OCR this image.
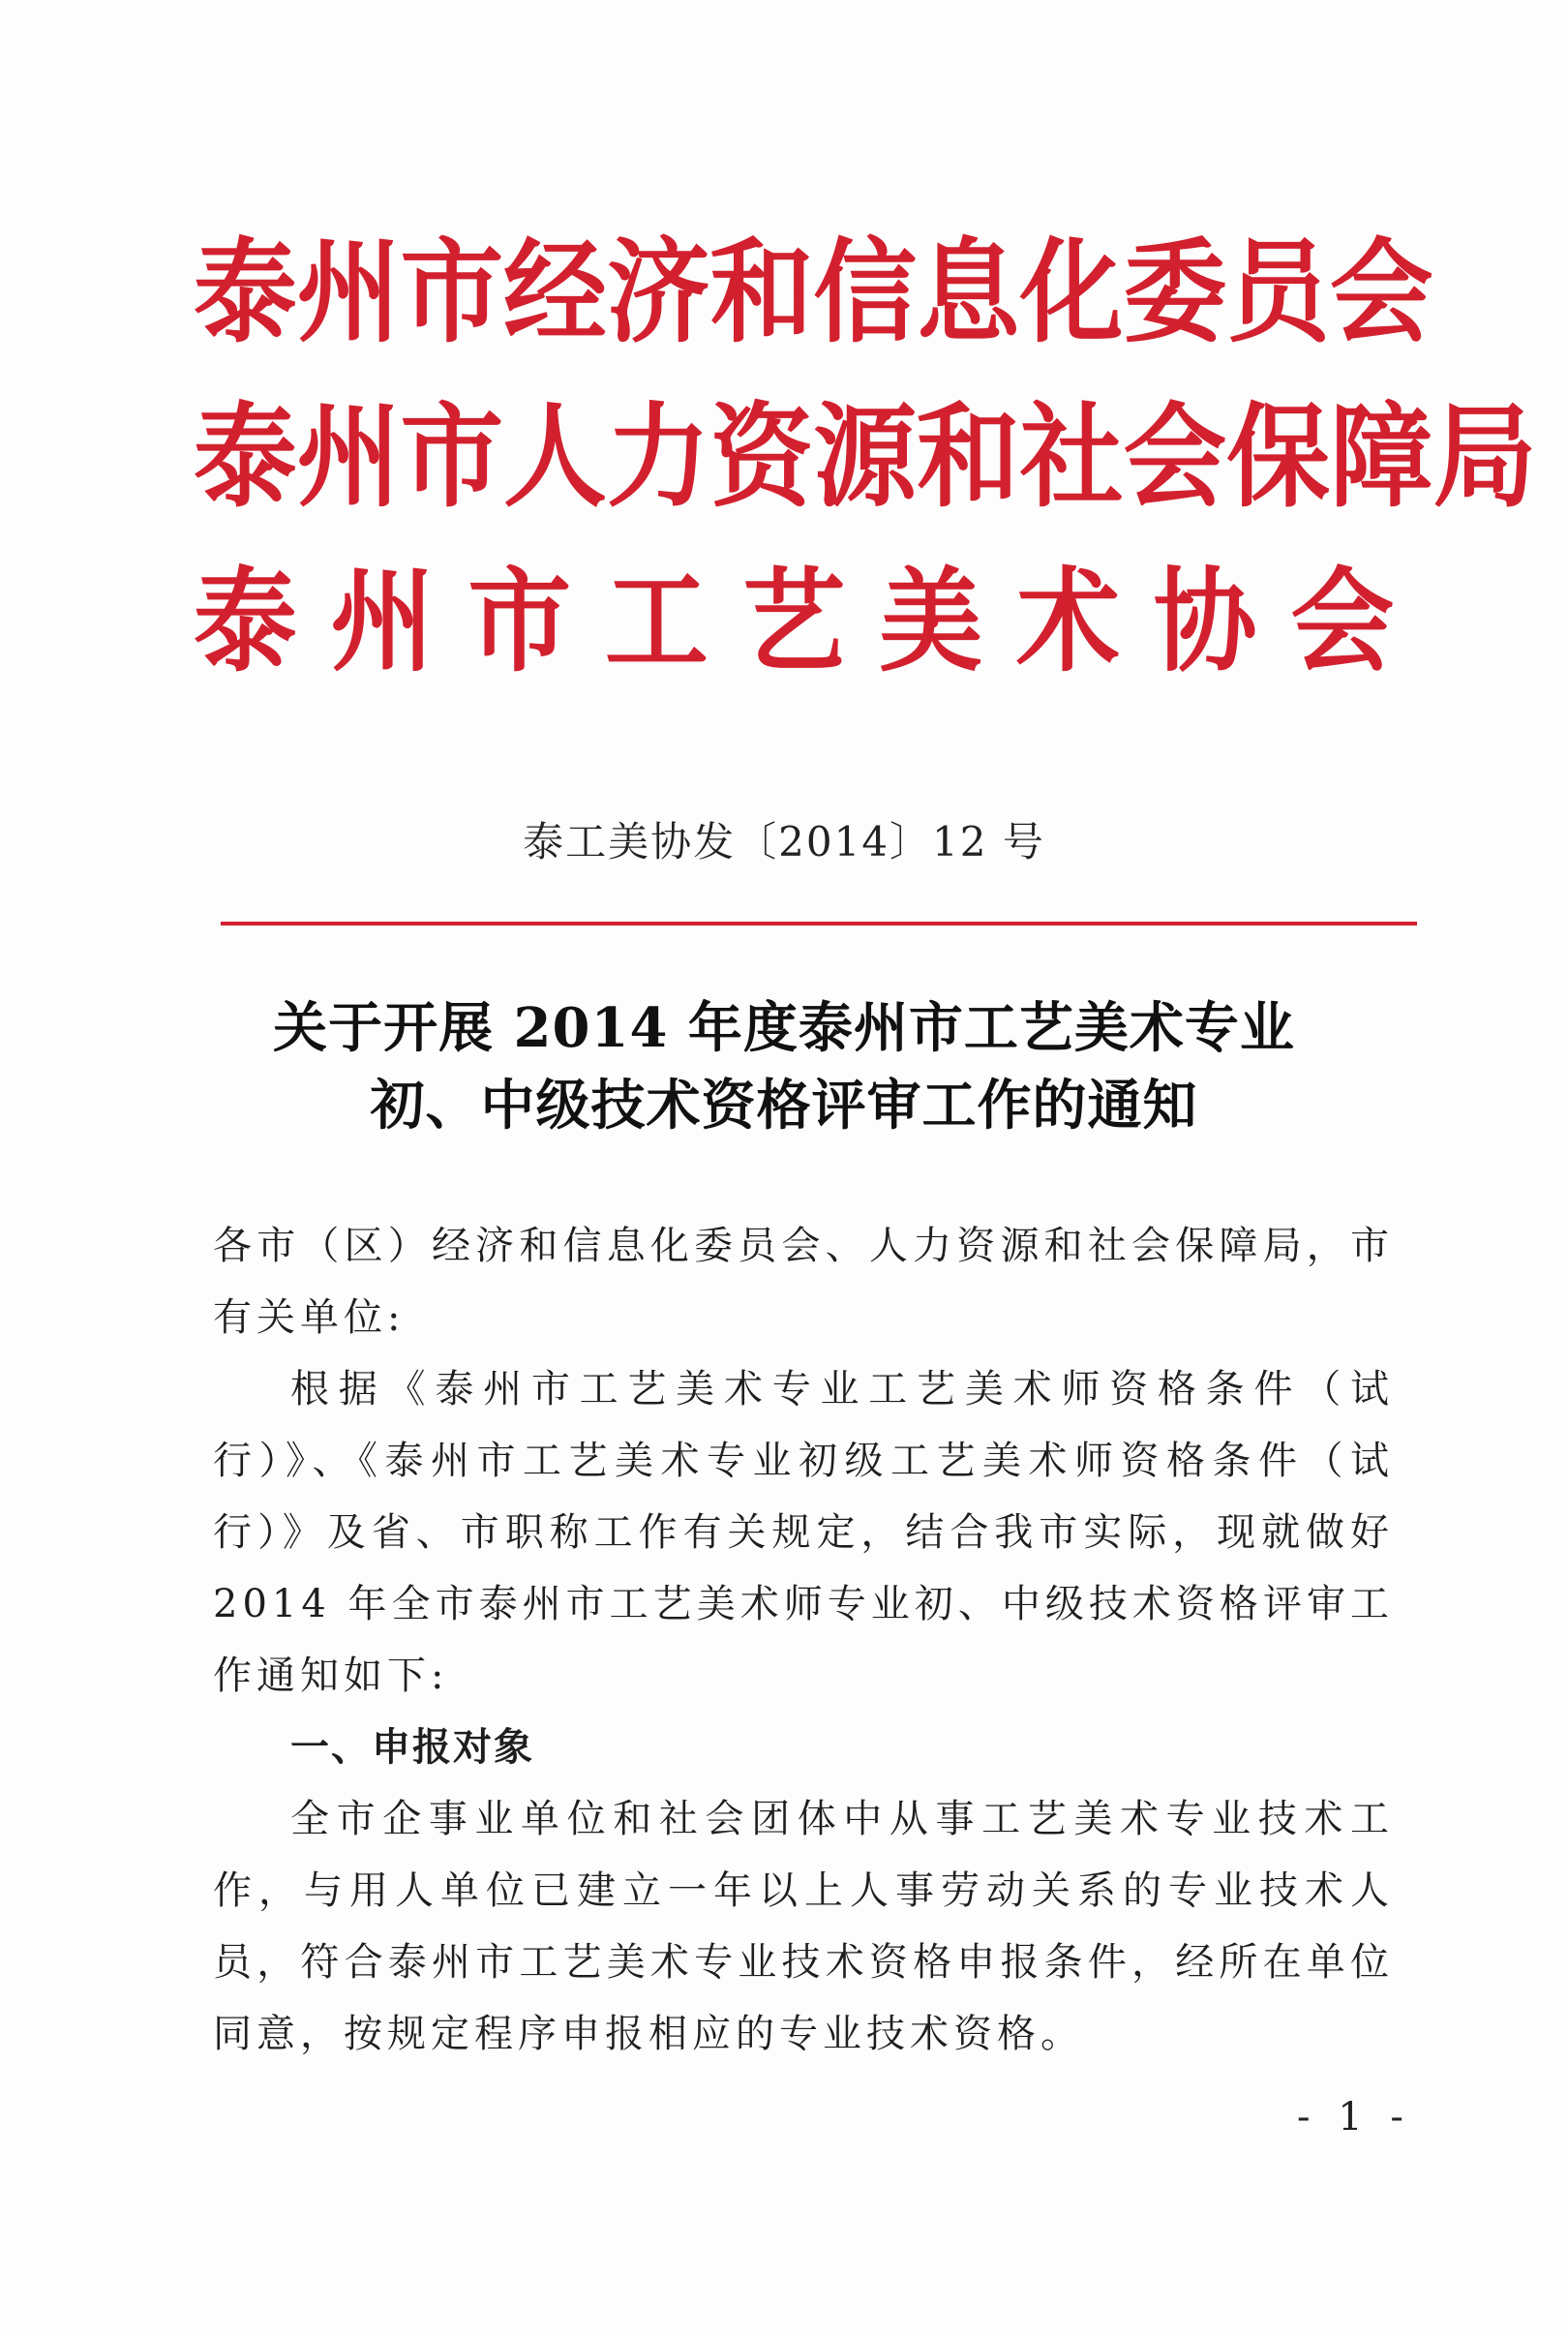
泰州市经济和信息化委员会
泰州市人力资源和社会保障局
泰州市工艺美术协会
泰工美协发〔2014〕12 号
关于开展 2014 年度泰州市工艺美术专业
初、中级技术资格评审工作的通知

各市（区）经济和信息化委员会、人力资源和社会保障局，市有关单位:

根据《泰州市工艺美术专业工艺美术师资格条件（试行）》、《泰州市工艺美术专业初级工艺美术师资格条件（试行）》及省、市职称工作有关规定，结合我市实际，现就做好 2014 年全市泰州市工艺美术师专业初、中级技术资格评审工作通知如下:

一、申报对象

全市企事业单位和社会团体中从事工艺美术专业技术工作，与用人单位已建立一年以上人事劳动关系的专业技术人员，符合泰州市工艺美术专业技术资格申报条件，经所在单位同意，按规定程序申报相应的专业技术资格。

- 1 -
